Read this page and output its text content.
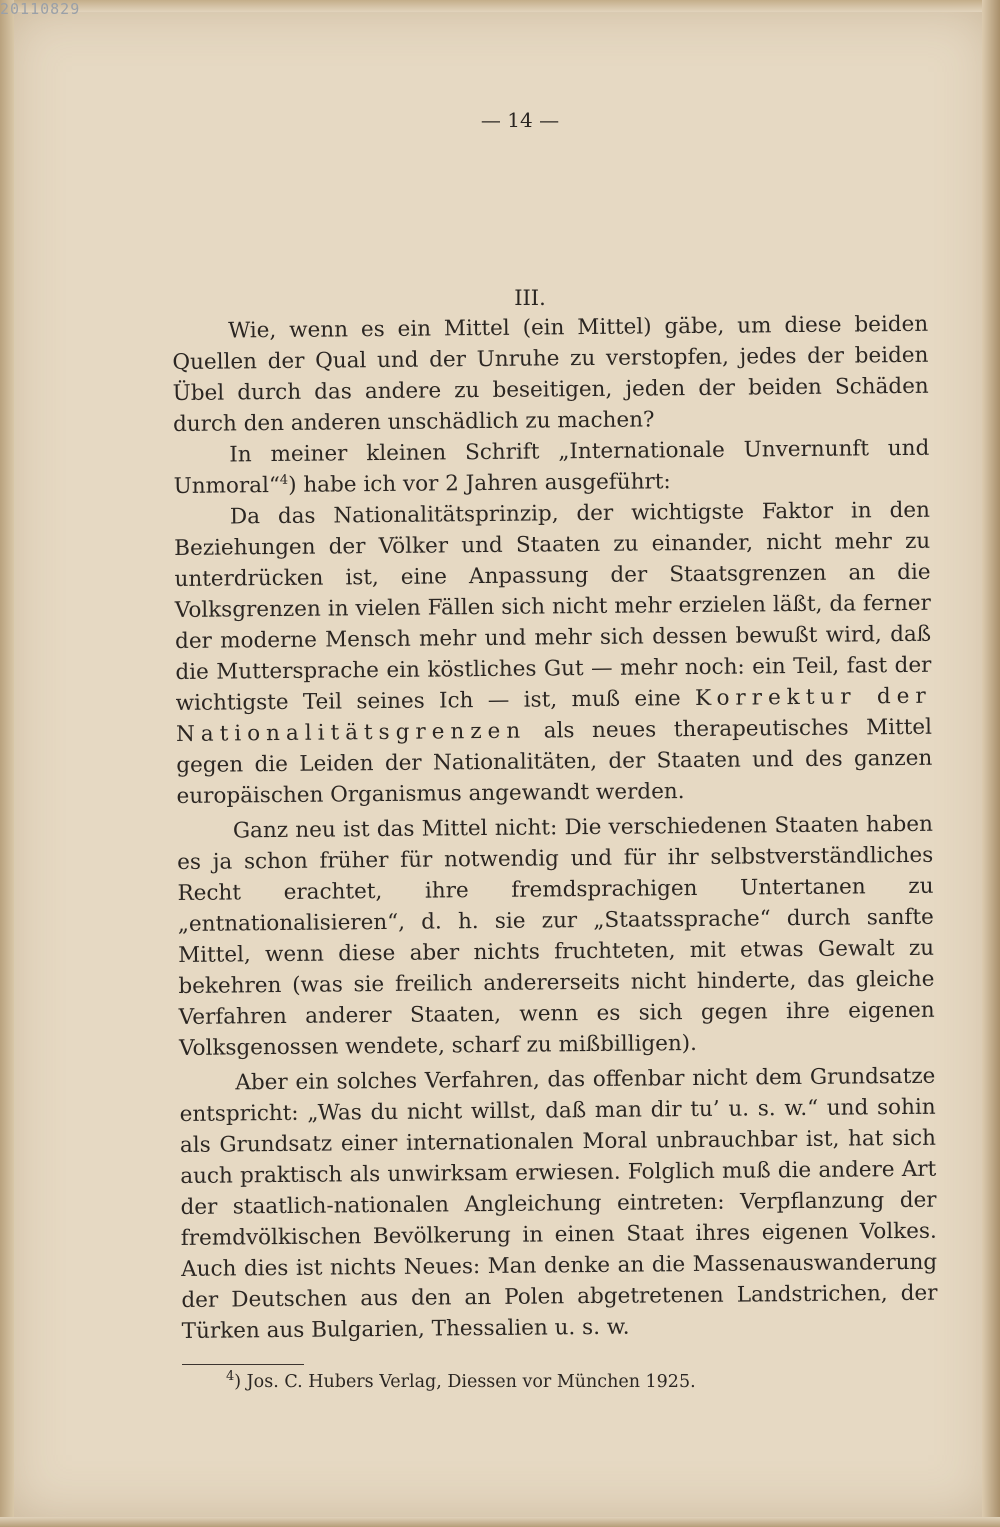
20110829
— 14 —
III.

Wie, wenn es ein Mittel (ein Mittel) gäbe, um diese beiden Quellen der Qual und der Unruhe zu verstopfen, jedes der beiden Übel durch das andere zu beseitigen, jeden der beiden Schäden durch den anderen unschädlich zu machen?

In meiner kleinen Schrift „Internationale Unvernunft und Unmoral“$^4$) habe ich vor 2 Jahren ausgeführt:

Da das Nationalitätsprinzip, der wichtigste Faktor in den Beziehungen der Völker und Staaten zu einander, nicht mehr zu unterdrücken ist, eine Anpassung der Staatsgrenzen an die Volksgrenzen in vielen Fällen sich nicht mehr erzielen läßt, da ferner der moderne Mensch mehr und mehr sich dessen bewußt wird, daß die Muttersprache ein köstliches Gut — mehr noch: ein Teil, fast der wichtigste Teil seines Ich — ist, muß eine Korrektur der Nationalitätsgrenzen als neues therapeutisches Mittel gegen die Leiden der Nationalitäten, der Staaten und des ganzen europäischen Organismus angewandt werden.

Ganz neu ist das Mittel nicht: Die verschiedenen Staaten haben es ja schon früher für notwendig und für ihr selbstverständliches Recht erachtet, ihre fremdsprachigen Untertanen zu „entnationalisieren“, d. h. sie zur „Staatssprache“ durch sanfte Mittel, wenn diese aber nichts fruchteten, mit etwas Gewalt zu bekehren (was sie freilich andererseits nicht hinderte, das gleiche Verfahren anderer Staaten, wenn es sich gegen ihre eigenen Volksgenossen wendete, scharf zu mißbilligen).

Aber ein solches Verfahren, das offenbar nicht dem Grundsatze entspricht: „Was du nicht willst, daß man dir tu’ u. s. w.“ und sohin als Grundsatz einer internationalen Moral unbrauchbar ist, hat sich auch praktisch als unwirksam erwiesen. Folglich muß die andere Art der staatlich-nationalen Angleichung eintreten: Verpflanzung der fremdvölkischen Bevölkerung in einen Staat ihres eigenen Volkes. Auch dies ist nichts Neues: Man denke an die Massenauswanderung der Deutschen aus den an Polen abgetretenen Landstrichen, der Türken aus Bulgarien, Thessalien u. s. w.

$^4$) Jos. C. Hubers Verlag, Diessen vor München 1925.
